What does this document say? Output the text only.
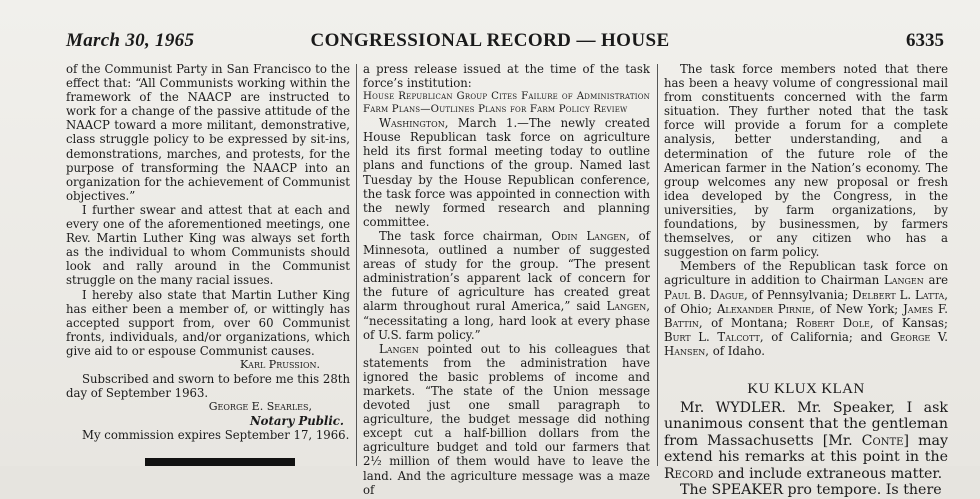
March 30, 1965	CONGRESSIONAL RECORD — HOUSE	6335

of the Communist Party in San Francisco to the effect that: “All Communists working within the framework of the NAACP are instructed to work for a change of the passive attitude of the NAACP toward a more militant, demonstrative, class struggle policy to be expressed by sit-ins, demonstrations, marches, and protests, for the purpose of transforming the NAACP into an organization for the achievement of Communist objectives.”

I further swear and attest that at each and every one of the aforementioned meetings, one Rev. Martin Luther King was always set forth as the individual to whom Communists should look and rally around in the Communist struggle on the many racial issues.

I hereby also state that Martin Luther King has either been a member of, or wittingly has accepted support from, over 60 Communist fronts, individuals, and/or organizations, which give aid to or espouse Communist causes.

Karl Prussion.

Subscribed and sworn to before me this 28th day of September 1963.

George E. Searles,

Notary Public.

My commission expires September 17, 1966.

a press release issued at the time of the task force’s institution:

House Republican Group Cites Failure of Administration Farm Plans—Outlines Plans for Farm Policy Review

Washington, March 1.—The newly created House Republican task force on agriculture held its first formal meeting today to outline plans and functions of the group. Named last Tuesday by the House Republican conference, the task force was appointed in connection with the newly formed research and planning committee.

The task force chairman, Odin Langen, of Minnesota, outlined a number of suggested areas of study for the group. “The present administration’s apparent lack of concern for the future of agriculture has created great alarm throughout rural America,” said Langen, “necessitating a long, hard look at every phase of U.S. farm policy.”

Langen pointed out to his colleagues that statements from the administration have ignored the basic problems of income and markets. “The state of the Union message devoted just one small paragraph to agriculture, the budget message did nothing except cut a half-billion dollars from the agriculture budget and told our farmers that 2½ million of them would have to leave the land. And the agriculture message was a maze of

The task force members noted that there has been a heavy volume of congressional mail from constituents concerned with the farm situation. They further noted that the task force will provide a forum for a complete analysis, better understanding, and a determination of the future role of the American farmer in the Nation’s economy. The group welcomes any new proposal or fresh idea developed by the Congress, in the universities, by farm organizations, by foundations, by businessmen, by farmers themselves, or any citizen who has a suggestion on farm policy.

Members of the Republican task force on agriculture in addition to Chairman Langen are Paul B. Dague, of Pennsylvania; Delbert L. Latta, of Ohio; Alexander Pirnie, of New York; James F. Battin, of Montana; Robert Dole, of Kansas; Burt L. Talcott, of California; and George V. Hansen, of Idaho.

KU KLUX KLAN

Mr. WYDLER. Mr. Speaker, I ask unanimous consent that the gentleman from Massachusetts [Mr. Conte] may extend his remarks at this point in the Record and include extraneous matter.

The SPEAKER pro tempore. Is there
